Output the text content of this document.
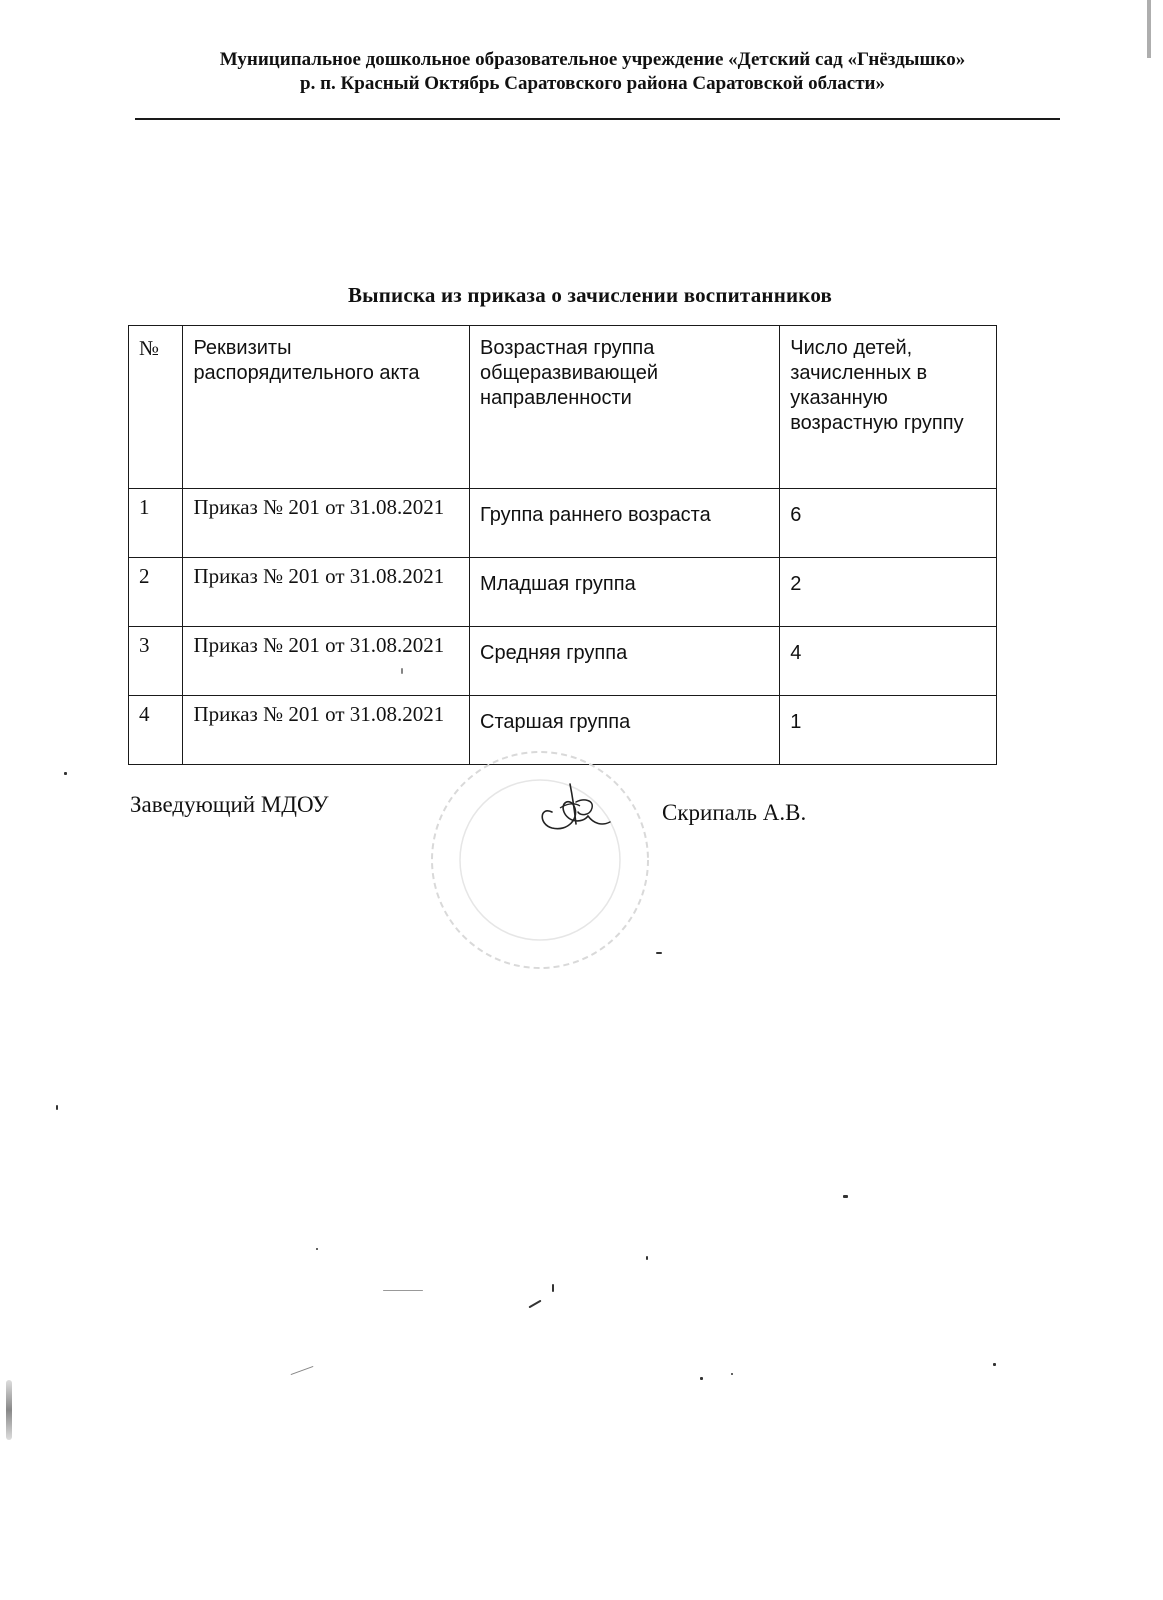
Муниципальное дошкольное образовательное учреждение «Детский сад «Гнёздышко»
р. п. Красный Октябрь Саратовского района Саратовской области»
Выписка из приказа о зачислении воспитанников
№	Реквизиты распорядительного акта	Возрастная группа общеразвивающей направленности	Число детей, зачисленных в указанную возрастную группу
1	Приказ № 201 от 31.08.2021	Группа раннего возраста	6
2	Приказ № 201 от 31.08.2021	Младшая группа	2
3	Приказ № 201 от 31.08.2021	Средняя группа	4
4	Приказ № 201 от 31.08.2021	Старшая группа	1
Заведующий МДОУ	Скрипаль А.В.
